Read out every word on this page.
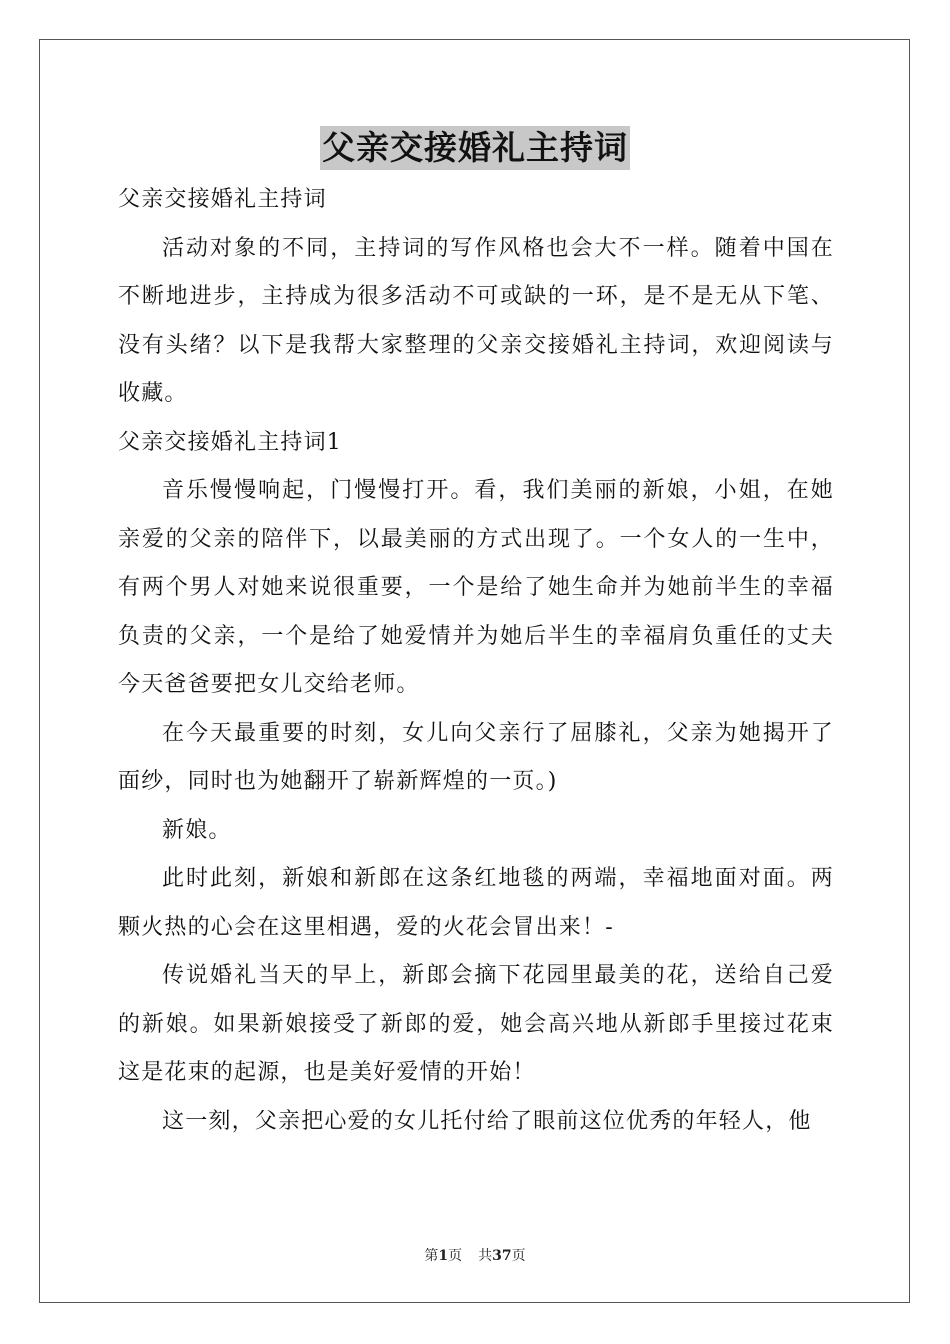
父亲交接婚礼主持词

父亲交接婚礼主持词

活动对象的不同，主持词的写作风格也会大不一样。随着中国在不断地进步，主持成为很多活动不可或缺的一环，是不是无从下笔、没有头绪？以下是我帮大家整理的父亲交接婚礼主持词，欢迎阅读与收藏。

父亲交接婚礼主持词1

音乐慢慢响起，门慢慢打开。看，我们美丽的新娘，小姐，在她亲爱的父亲的陪伴下，以最美丽的方式出现了。一个女人的一生中，有两个男人对她来说很重要，一个是给了她生命并为她前半生的幸福负责的父亲，一个是给了她爱情并为她后半生的幸福肩负重任的丈夫今天爸爸要把女儿交给老师。

在今天最重要的时刻，女儿向父亲行了屈膝礼，父亲为她揭开了面纱，同时也为她翻开了崭新辉煌的一页。)

新娘。

此时此刻，新娘和新郎在这条红地毯的两端，幸福地面对面。两颗火热的心会在这里相遇，爱的火花会冒出来！-

传说婚礼当天的早上，新郎会摘下花园里最美的花，送给自己爱的新娘。如果新娘接受了新郎的爱，她会高兴地从新郎手里接过花束这是花束的起源，也是美好爱情的开始！

这一刻，父亲把心爱的女儿托付给了眼前这位优秀的年轻人，他

第1页 共37页
